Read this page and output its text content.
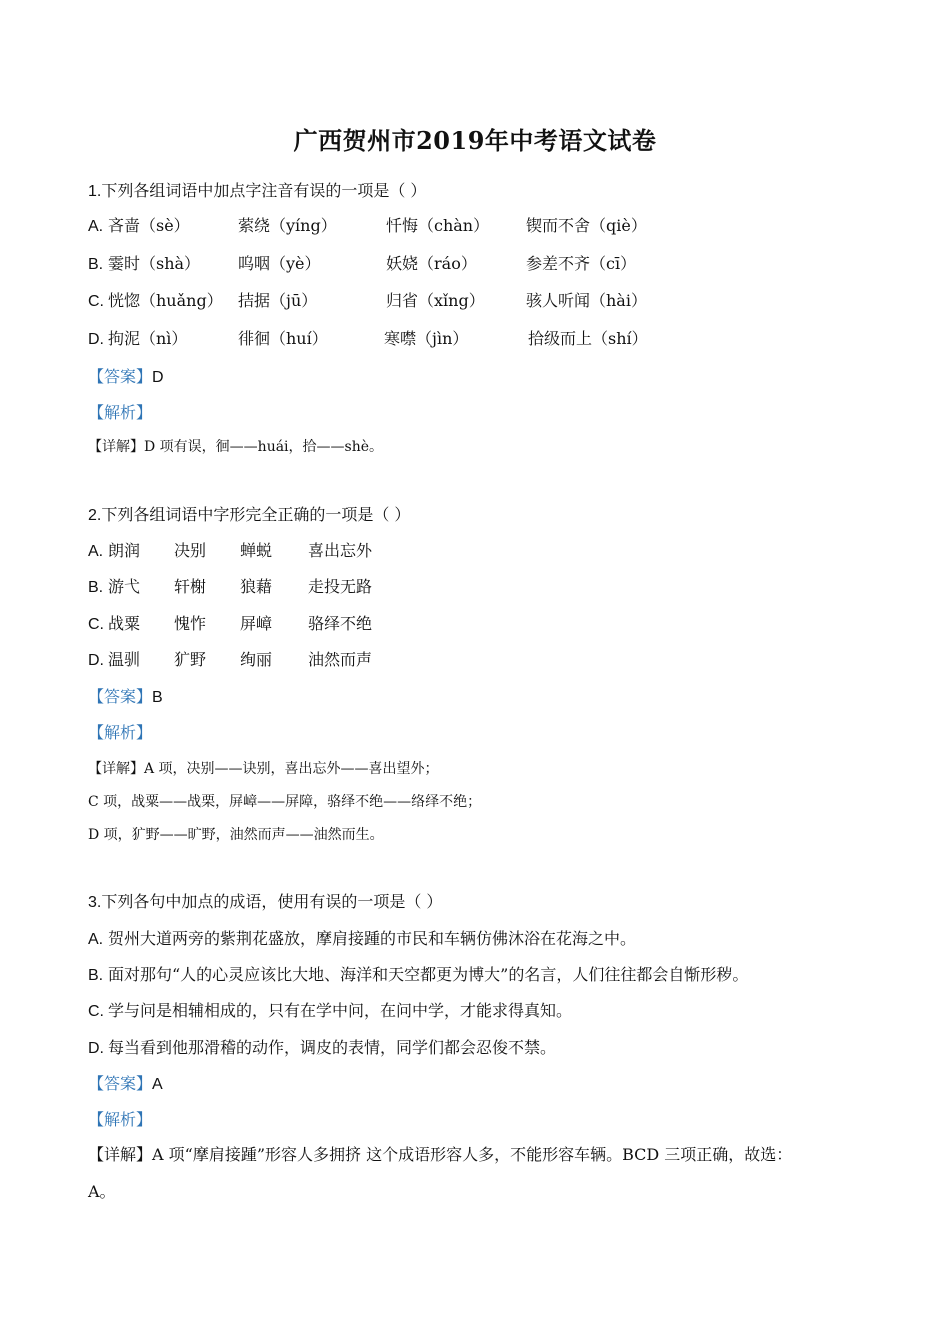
广西贺州市2019年中考语文试卷
1.下列各组词语中加点字注音有误的一项是（ ）
A. 吝啬（sè）	萦绕（yíng）	忏悔（chàn） 锲而不舍（qiè）
B. 霎时（shà） 呜咽（yè）	妖娆（ráo）	参差不齐（cī）
C. 恍惚（huǎng） 拮据（jū）	归省（xǐng）	骇人听闻（hài）
D. 拘泥（nì）	徘徊（huí）	寒噤（jìn）	拾级而上（shí）
【答案】D
【解析】
【详解】D 项有误，徊——huái，拾——shè。
2.下列各组词语中字形完全正确的一项是（ ）
A. 朗润 决别 蝉蜕 喜出忘外
B. 游弋 轩榭 狼藉 走投无路
C. 战粟 愧怍 屏嶂 骆绎不绝
D. 温驯 犷野 绚丽 油然而声
【答案】B
【解析】
【详解】A 项，决别——诀别，喜出忘外——喜出望外；
C 项，战粟——战栗，屏嶂——屏障，骆绎不绝——络绎不绝；
D 项，犷野——旷野，油然而声——油然而生。
3.下列各句中加点的成语，使用有误的一项是（ ）
A. 贺州大道两旁的紫荆花盛放，摩肩接踵的市民和车辆仿佛沐浴在花海之中。
B. 面对那句“人的心灵应该比大地、海洋和天空都更为博大”的名言，人们往往都会自惭形秽。
C. 学与问是相辅相成的，只有在学中问，在问中学，才能求得真知。
D. 每当看到他那滑稽的动作，调皮的表情，同学们都会忍俊不禁。
【答案】A
【解析】
【详解】A 项“摩肩接踵”形容人多拥挤 这个成语形容人多，不能形容车辆。BCD 三项正确，故选：
A。
